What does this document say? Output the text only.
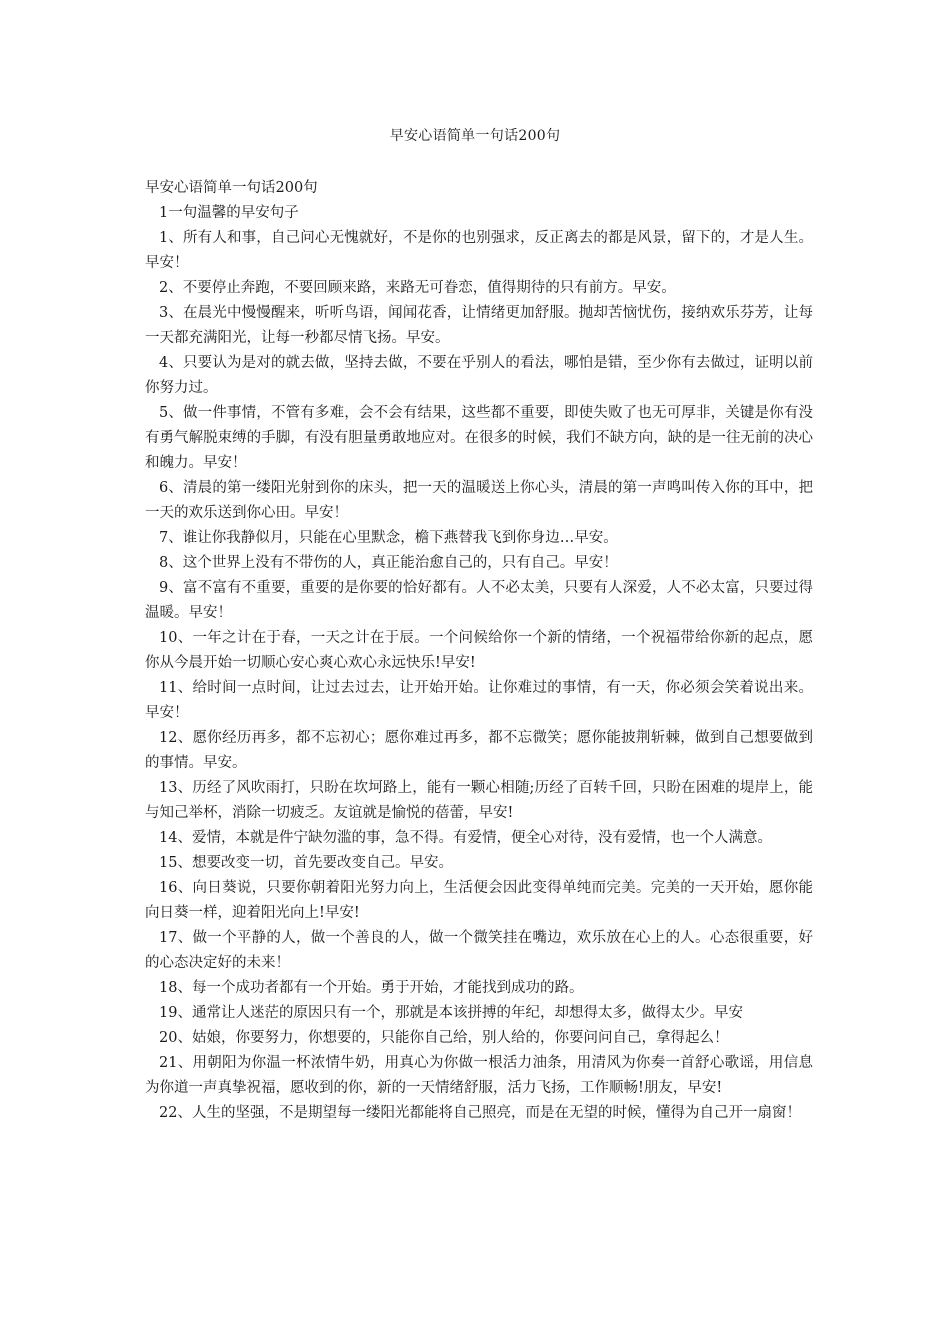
早安心语简单一句话200句

早安心语简单一句话200句

1一句温馨的早安句子

1、所有人和事，自己问心无愧就好，不是你的也别强求，反正离去的都是风景，留下的，才是人生。早安！

2、不要停止奔跑，不要回顾来路，来路无可眷恋，值得期待的只有前方。早安。

3、在晨光中慢慢醒来，听听鸟语，闻闻花香，让情绪更加舒服。抛却苦恼忧伤，接纳欢乐芬芳，让每一天都充满阳光，让每一秒都尽情飞扬。早安。

4、只要认为是对的就去做，坚持去做，不要在乎别人的看法，哪怕是错，至少你有去做过，证明以前你努力过。

5、做一件事情，不管有多难，会不会有结果，这些都不重要，即使失败了也无可厚非，关键是你有没有勇气解脱束缚的手脚，有没有胆量勇敢地应对。在很多的时候，我们不缺方向，缺的是一往无前的决心和魄力。早安！

6、清晨的第一缕阳光射到你的床头，把一天的温暖送上你心头，清晨的第一声鸣叫传入你的耳中，把一天的欢乐送到你心田。早安！

7、谁让你我静似月，只能在心里默念，檐下燕替我飞到你身边…早安。

8、这个世界上没有不带伤的人，真正能治愈自己的，只有自己。早安！

9、富不富有不重要，重要的是你要的恰好都有。人不必太美，只要有人深爱，人不必太富，只要过得温暖。早安！

10、一年之计在于春，一天之计在于辰。一个问候给你一个新的情绪，一个祝福带给你新的起点，愿你从今晨开始一切顺心安心爽心欢心永远快乐!早安!

11、给时间一点时间，让过去过去，让开始开始。让你难过的事情，有一天，你必须会笑着说出来。早安！

12、愿你经历再多，都不忘初心；愿你难过再多，都不忘微笑；愿你能披荆斩棘，做到自己想要做到的事情。早安。

13、历经了风吹雨打，只盼在坎坷路上，能有一颗心相随;历经了百转千回，只盼在困难的堤岸上，能与知己举杯，消除一切疲乏。友谊就是愉悦的蓓蕾，早安!

14、爱情，本就是件宁缺勿滥的事，急不得。有爱情，便全心对待，没有爱情，也一个人满意。

15、想要改变一切，首先要改变自己。早安。

16、向日葵说，只要你朝着阳光努力向上，生活便会因此变得单纯而完美。完美的一天开始，愿你能向日葵一样，迎着阳光向上!早安!

17、做一个平静的人，做一个善良的人，做一个微笑挂在嘴边，欢乐放在心上的人。心态很重要，好的心态决定好的未来！

18、每一个成功者都有一个开始。勇于开始，才能找到成功的路。

19、通常让人迷茫的原因只有一个，那就是本该拼搏的年纪，却想得太多，做得太少。早安

20、姑娘，你要努力，你想要的，只能你自己给，别人给的，你要问问自己，拿得起么！

21、用朝阳为你温一杯浓情牛奶，用真心为你做一根活力油条，用清风为你奏一首舒心歌谣，用信息为你道一声真挚祝福，愿收到的你，新的一天情绪舒服，活力飞扬，工作顺畅!朋友，早安!

22、人生的坚强，不是期望每一缕阳光都能将自己照亮，而是在无望的时候，懂得为自己开一扇窗！
